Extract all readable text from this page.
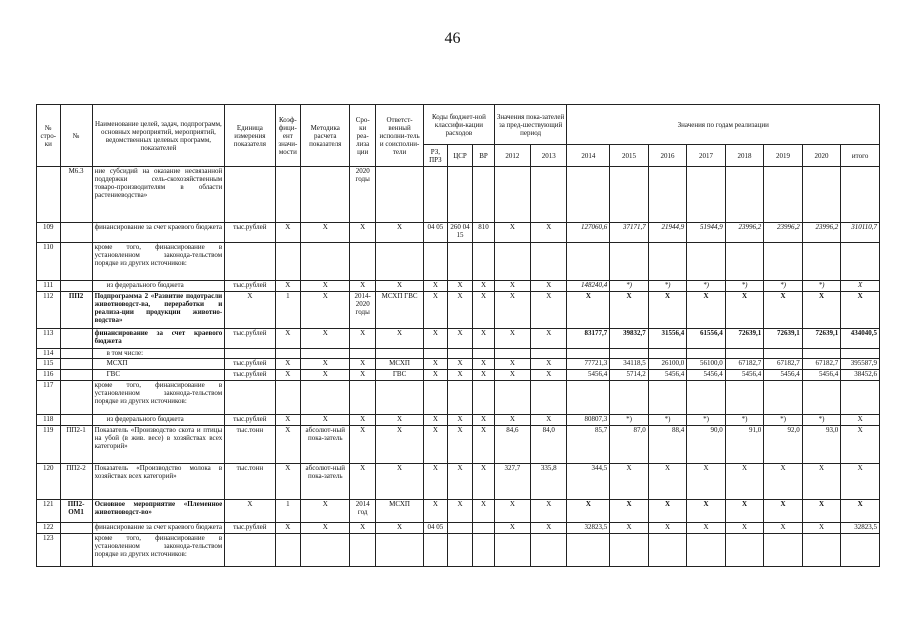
46
№ стро-ки	№	Наименование целей, задач, подпрограмм, основных мероприятий, мероприятий, ведомственных целевых программ, показателей	Единица измерения показателя	Коэф-фици-ент значи-мости	Методика расчета показателя	Сро-ки реа-лиза ции	Ответст-венный исполни-тель и соисполни-тели	Коды бюджет-ной классифи-кации расходов			Значения пока-зателей за пред-шествующий период		Значения по годам реализации							
								РЗ, ПРЗ	ЦСР	ВР	2012	2013	2014	2015	2016	2017	2018	2019	2020	итого
	М6.3	ние субсидий на оказание несвязанной поддержки сель-скохозяйственным товаро-производителям в области растениеводства»				2020 годы														
109		финансирование за счет краевого бюджета	тыс.рублей	X	X	X	X	04 05	260 04 15	810	X	X	127060,6	37171,7	21944,9	51944,9	23996,2	23996,2	23996,2	310110,7
110		кроме того, финансирование в установленном законода-тельством порядке из других источников:																		
111		из федерального бюджета	тыс.рублей	X	X	X	X	X	X	X	X	X	148240,4	*)	*)	*)	*)	*)	*)	X
112	ПП2	Подпрограмма 2 «Развитие подотрасли животноводст-ва, переработки и реализа-ции продукции животно-водства»	X	1	X	2014-2020 годы	МСХП ГВС	X	X	X	X	X	X	X	X	X	X	X	X	X
113		финансирование за счет краевого бюджета	тыс.рублей	X	X	X	X	X	X	X	X	X	83177,7	39832,7	31556,4	61556,4	72639,1	72639,1	72639,1	434040,5
114		в том числе:																		
115		МСХП	тыс.рублей	X	X	X	МСХП	X	X	X	X	X	77721,3	34118,5	26100,0	56100,0	67182,7	67182,7	67182,7	395587,9
116		ГВС	тыс.рублей	X	X	X	ГВС	X	X	X	X	X	5456,4	5714,2	5456,4	5456,4	5456,4	5456,4	5456,4	38452,6
117		кроме того, финансирование в установленном законода-тельством порядке из других источников:																		
118		из федерального бюджета	тыс.рублей	X	X	X	X	X	X	X	X	X	80807,3	*)	*)	*)	*)	*)	*)	X
119	ПП2-1	Показатель «Производство скота и птицы на убой (в жив. весе) в хозяйствах всех категорий»	тыс.тонн	X	абсолют-ный пока-затель	X	X	X	X	X	84,6	84,0	85,7	87,0	88,4	90,0	91,0	92,0	93,0	X
120	ПП2-2	Показатель «Производство молока в хозяйствах всех категорий»	тыс.тонн	X	абсолют-ный пока-затель	X	X	X	X	X	327,7	335,8	344,5	X	X	X	X	X	X	X
121	ПП2-ОМ1	Основное мероприятие «Племенное животноводст-во»	X	1	X	2014 год	МСХП	X	X	X	X	X	X	X	X	X	X	X	X	X
122		финансирование за счет краевого бюджета	тыс.рублей	X	X	X	X	04 05			X	X	32823,5	X	X	X	X	X	X	32823,5
123		кроме того, финансирование в установленном законода-тельством порядке из других источников:																		
